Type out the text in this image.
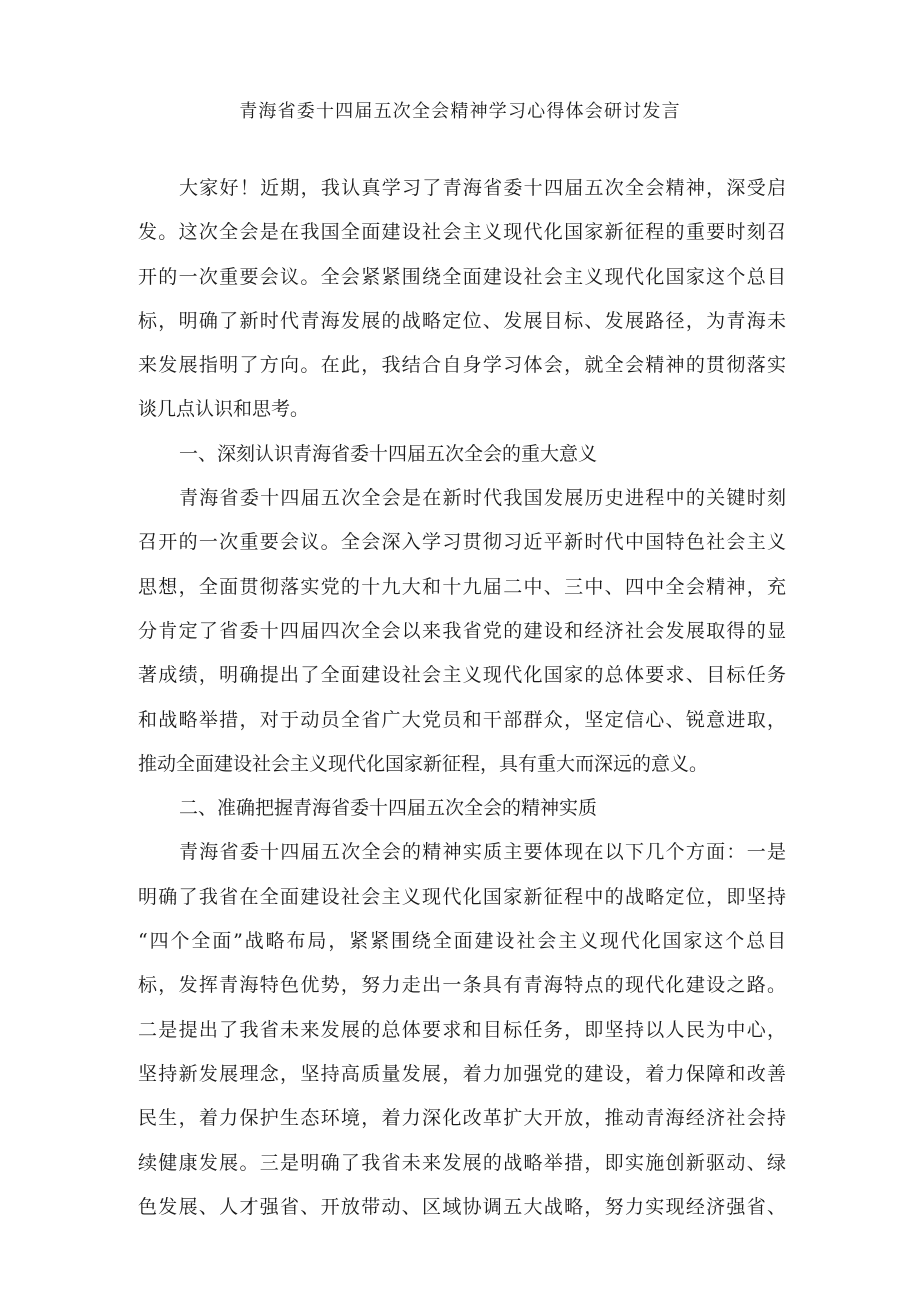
青海省委十四届五次全会精神学习心得体会研讨发言
大家好！近期，我认真学习了青海省委十四届五次全会精神，深受启
发。这次全会是在我国全面建设社会主义现代化国家新征程的重要时刻召
开的一次重要会议。全会紧紧围绕全面建设社会主义现代化国家这个总目
标，明确了新时代青海发展的战略定位、发展目标、发展路径，为青海未
来发展指明了方向。在此，我结合自身学习体会，就全会精神的贯彻落实
谈几点认识和思考。
一、深刻认识青海省委十四届五次全会的重大意义
青海省委十四届五次全会是在新时代我国发展历史进程中的关键时刻
召开的一次重要会议。全会深入学习贯彻习近平新时代中国特色社会主义
思想，全面贯彻落实党的十九大和十九届二中、三中、四中全会精神，充
分肯定了省委十四届四次全会以来我省党的建设和经济社会发展取得的显
著成绩，明确提出了全面建设社会主义现代化国家的总体要求、目标任务
和战略举措，对于动员全省广大党员和干部群众，坚定信心、锐意进取，
推动全面建设社会主义现代化国家新征程，具有重大而深远的意义。
二、准确把握青海省委十四届五次全会的精神实质
青海省委十四届五次全会的精神实质主要体现在以下几个方面：一是
明确了我省在全面建设社会主义现代化国家新征程中的战略定位，即坚持
“四个全面”战略布局，紧紧围绕全面建设社会主义现代化国家这个总目
标，发挥青海特色优势，努力走出一条具有青海特点的现代化建设之路。
二是提出了我省未来发展的总体要求和目标任务，即坚持以人民为中心，
坚持新发展理念，坚持高质量发展，着力加强党的建设，着力保障和改善
民生，着力保护生态环境，着力深化改革扩大开放，推动青海经济社会持
续健康发展。三是明确了我省未来发展的战略举措，即实施创新驱动、绿
色发展、人才强省、开放带动、区域协调五大战略，努力实现经济强省、
